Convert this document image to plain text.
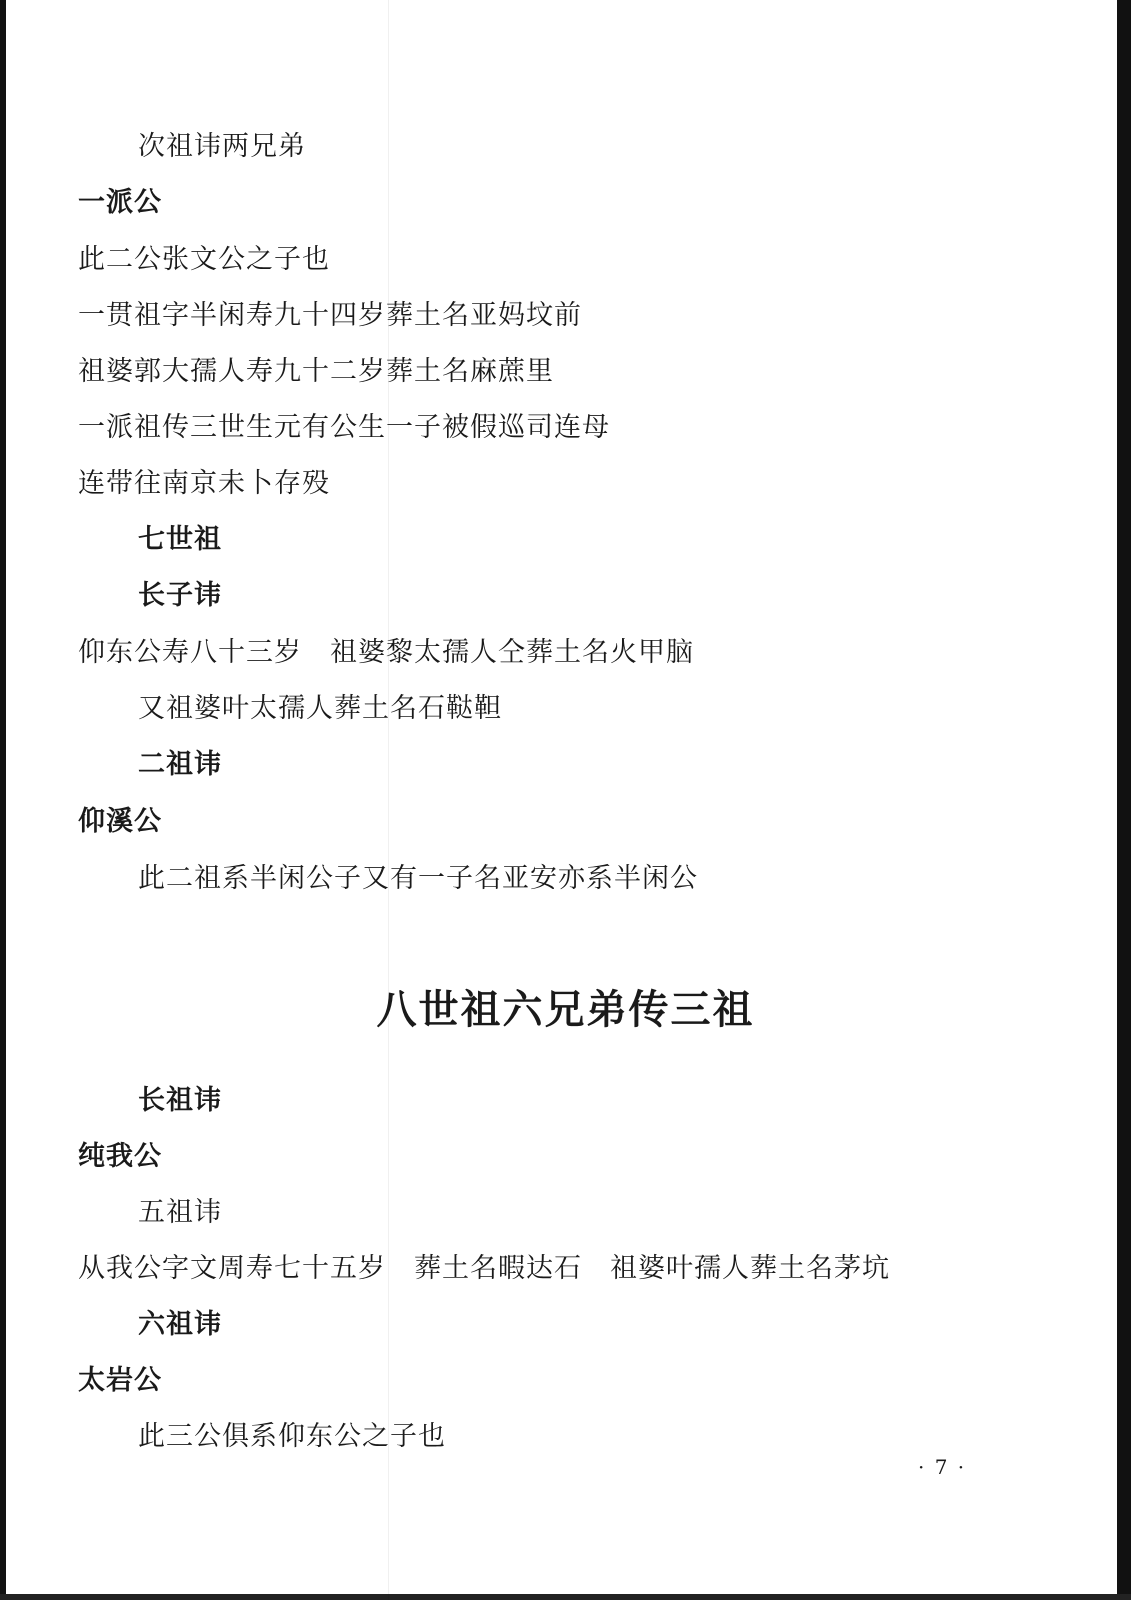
次祖讳两兄弟
一派公
此二公张文公之子也
一贯祖字半闲寿九十四岁葬土名亚妈坟前
祖婆郭大孺人寿九十二岁葬土名麻蔗里
一派祖传三世生元有公生一子被假巡司连母
连带往南京未卜存殁
七世祖
长子讳
仰东公寿八十三岁　祖婆黎太孺人仝葬土名火甲脑
又祖婆叶太孺人葬土名石鞑靼
二祖讳
仰溪公
此二祖系半闲公子又有一子名亚安亦系半闲公
八世祖六兄弟传三祖
长祖讳
纯我公
五祖讳
从我公字文周寿七十五岁　葬土名暇达石　祖婆叶孺人葬土名茅坑
六祖讳
太岩公
此三公俱系仰东公之子也
· 7 ·
